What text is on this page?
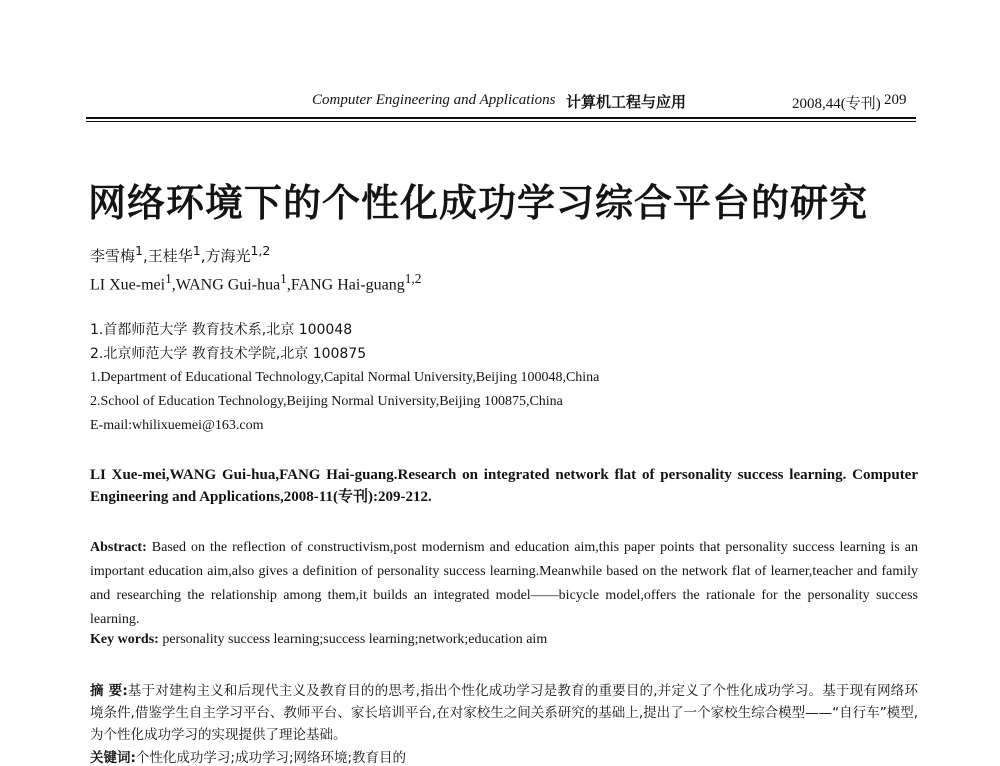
Computer Engineering and Applications 计算机工程与应用	2008,44(专刊) 209
网络环境下的个性化成功学习综合平台的研究
李雪梅$^1$,王桂华$^1$,方海光$^{1,2}$
LI Xue-mei$^1$,WANG Gui-hua$^1$,FANG Hai-guang$^{1,2}$
1.首都师范大学 教育技术系,北京 100048
2.北京师范大学 教育技术学院,北京 100875
1.Department of Educational Technology,Capital Normal University,Beijing 100048,China
2.School of Education Technology,Beijing Normal University,Beijing 100875,China
E-mail:whilixuemei@163.com
LI Xue-mei,WANG Gui-hua,FANG Hai-guang.Research on integrated network flat of personality success learning. Computer Engineering and Applications,2008-11(专刊):209-212.
Abstract: Based on the reflection of constructivism,post modernism and education aim,this paper points that personality success learning is an important education aim,also gives a definition of personality success learning.Meanwhile based on the network flat of learner,teacher and family and researching the relationship among them,it builds an integrated model——bicycle model,offers the rationale for the personality success learning.
Key words: personality success learning;success learning;network;education aim
摘 要:基于对建构主义和后现代主义及教育目的的思考,指出个性化成功学习是教育的重要目的,并定义了个性化成功学习。基于现有网络环境条件,借鉴学生自主学习平台、教师平台、家长培训平台,在对家校生之间关系研究的基础上,提出了一个家校生综合模型——“自行车”模型,为个性化成功学习的实现提供了理论基础。
关键词:个性化成功学习;成功学习;网络环境;教育目的
